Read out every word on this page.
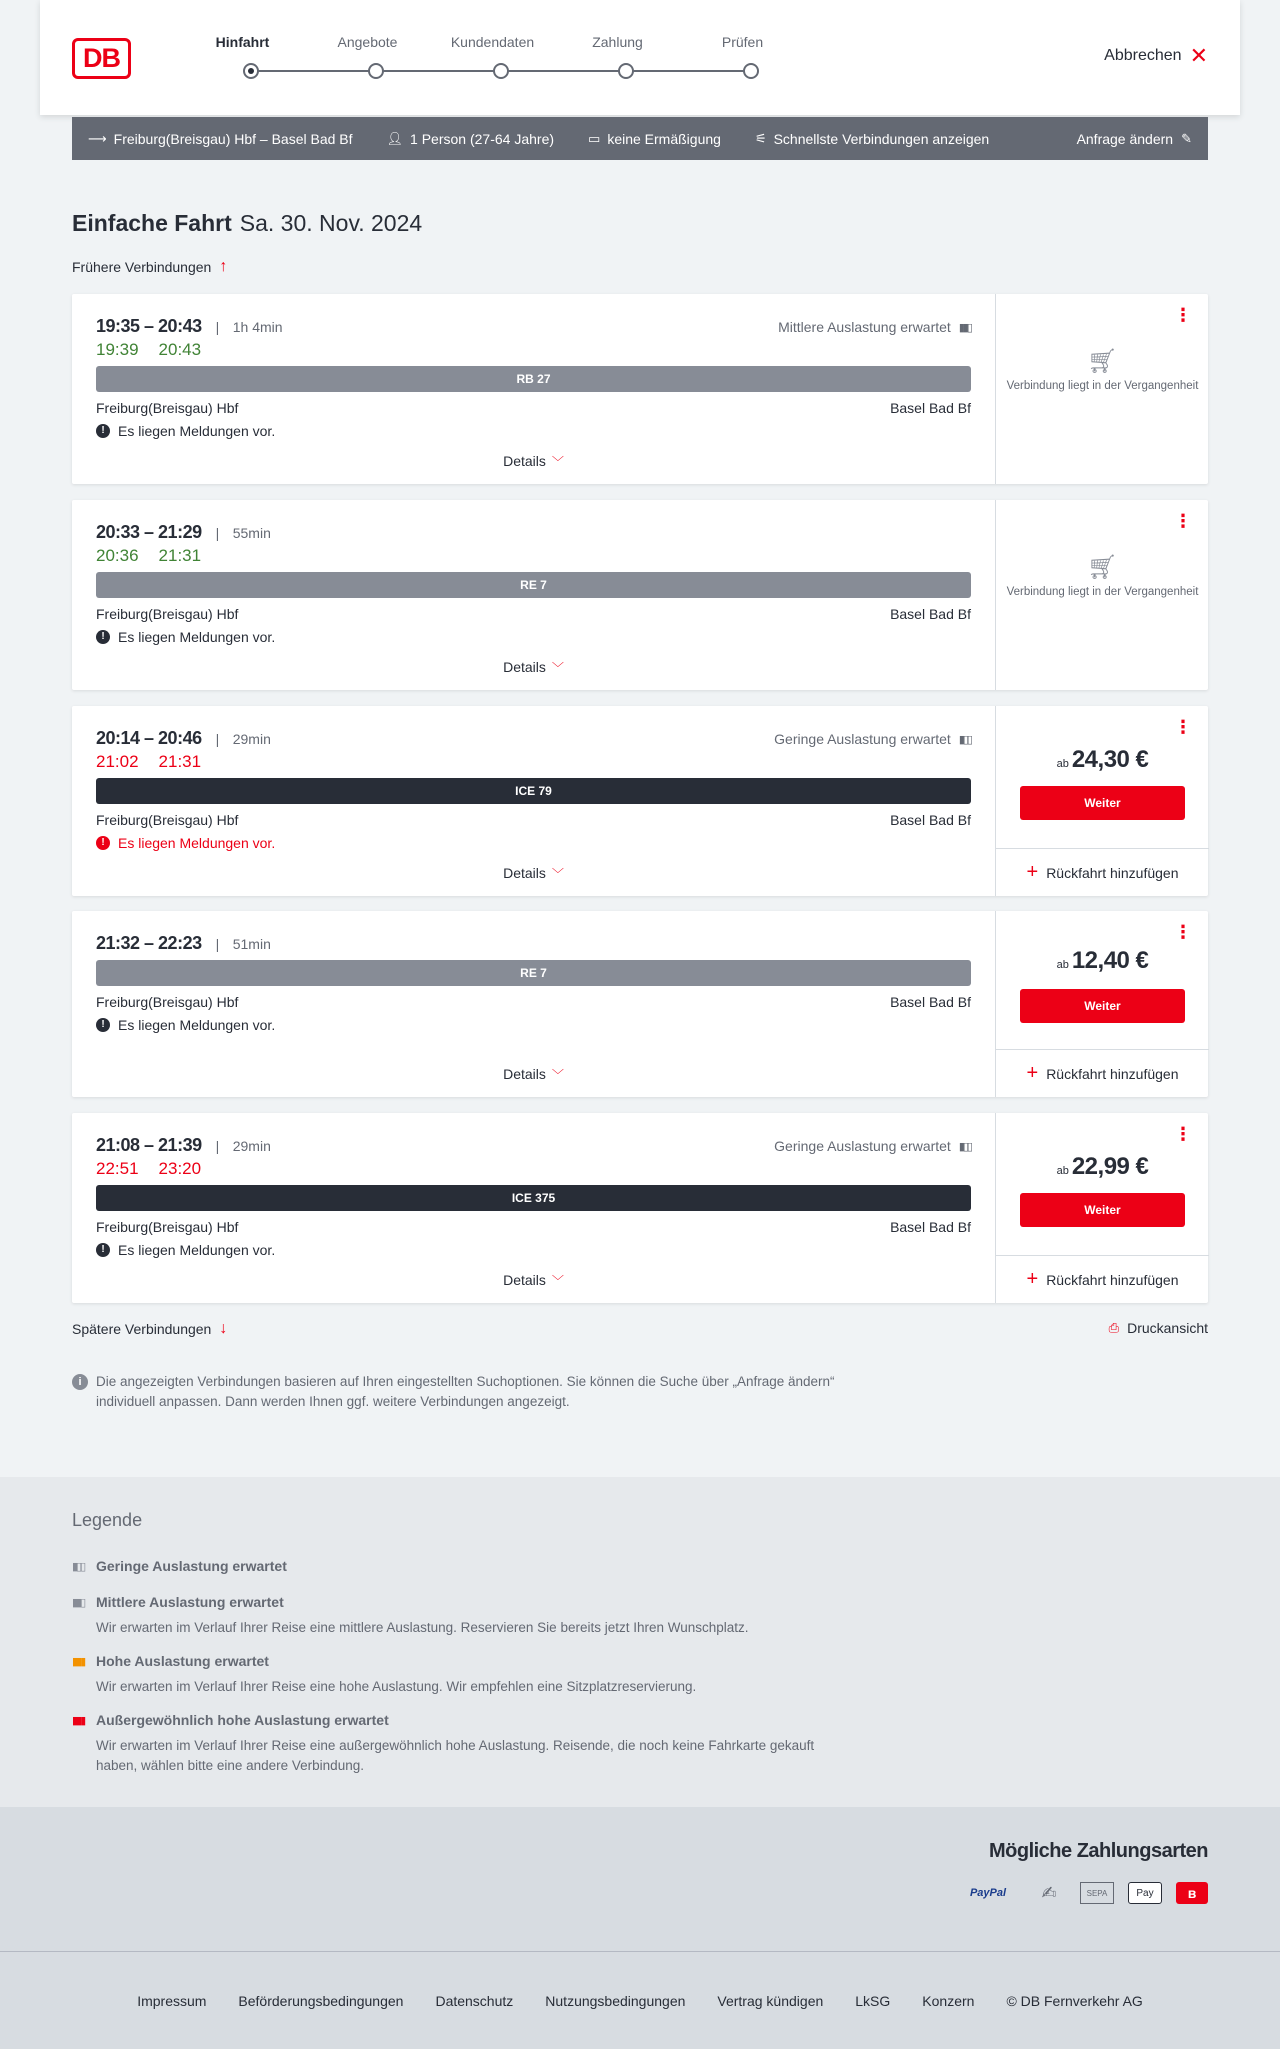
DB
Hinfahrt	Angebote	Kundendaten	Zahlung	Prüfen
Abbrechen ✕
⟶ Freiburg(Breisgau) Hbf – Basel Bad Bf	👤︎ 1 Person (27-64 Jahre)	▭ keine Ermäßigung	⚟ Schnellste Verbindungen anzeigen	Anfrage ändern ✎
Einfache Fahrt Sa. 30. Nov. 2024
Frühere Verbindungen ↑
19:35 – 20:43 | 1h 4min	Mittlere Auslastung erwartet ▮▮▯
19:39 20:43
RB 27
Freiburg(Breisgau) Hbf	Basel Bad Bf
! Es liegen Meldungen vor.
Details ﹀
⋮
🛒︎
Verbindung liegt in der Vergangenheit
20:33 – 21:29 | 55min
20:36 21:31
RE 7
Freiburg(Breisgau) Hbf	Basel Bad Bf
! Es liegen Meldungen vor.
Details ﹀
⋮
🛒︎
Verbindung liegt in der Vergangenheit
20:14 – 20:46 | 29min	Geringe Auslastung erwartet ▮▯▯
21:02 21:31
ICE 79
Freiburg(Breisgau) Hbf	Basel Bad Bf
! Es liegen Meldungen vor.
Details ﹀
⋮
ab 24,30 €
Weiter
+ Rückfahrt hinzufügen
21:32 – 22:23 | 51min
RE 7
Freiburg(Breisgau) Hbf	Basel Bad Bf
! Es liegen Meldungen vor.
Details ﹀
⋮
ab 12,40 €
Weiter
+ Rückfahrt hinzufügen
21:08 – 21:39 | 29min	Geringe Auslastung erwartet ▮▯▯
22:51 23:20
ICE 375
Freiburg(Breisgau) Hbf	Basel Bad Bf
! Es liegen Meldungen vor.
Details ﹀
⋮
ab 22,99 €
Weiter
+ Rückfahrt hinzufügen
Spätere Verbindungen ↓	⎙ Druckansicht
i	Die angezeigten Verbindungen basieren auf Ihren eingestellten Suchoptionen. Sie können die Suche über „Anfrage ändern“ individuell anpassen. Dann werden Ihnen ggf. weitere Verbindungen angezeigt.
Legende
▮▯▯ Geringe Auslastung erwartet
▮▮▯ Mittlere Auslastung erwartet
Wir erwarten im Verlauf Ihrer Reise eine mittlere Auslastung. Reservieren Sie bereits jetzt Ihren Wunschplatz.
▮▮▮ Hohe Auslastung erwartet
Wir erwarten im Verlauf Ihrer Reise eine hohe Auslastung. Wir empfehlen eine Sitzplatzreservierung.
▮▮▮ Außergewöhnlich hohe Auslastung erwartet
Wir erwarten im Verlauf Ihrer Reise eine außergewöhnlich hohe Auslastung. Reisende, die noch keine Fahrkarte gekauft haben, wählen bitte eine andere Verbindung.
Mögliche Zahlungsarten
PayPal	✍	SEPA	Pay	ʙ
Impressum Beförderungsbedingungen Datenschutz Nutzungsbedingungen Vertrag kündigen LkSG Konzern © DB Fernverkehr AG
